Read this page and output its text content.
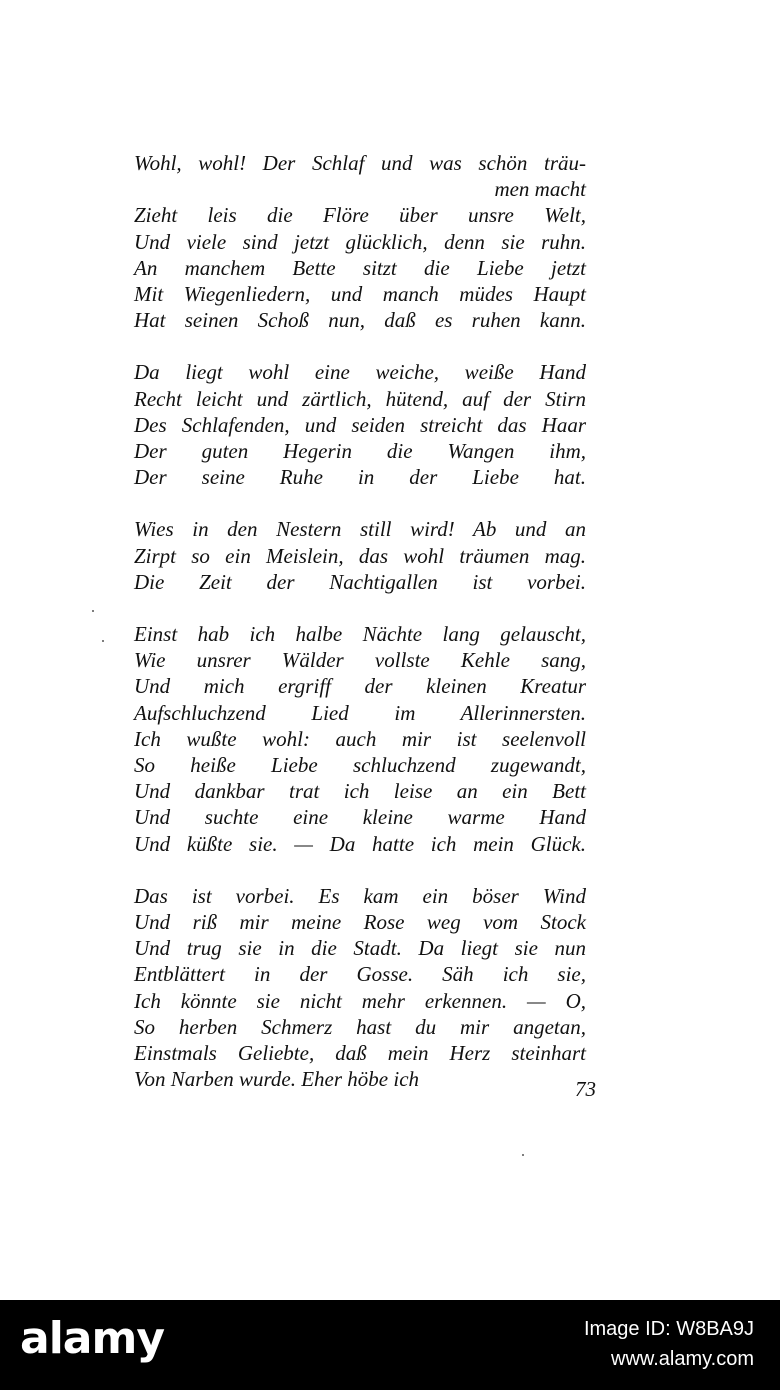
Wohl, wohl! Der Schlaf und was schön träu-
men macht
Zieht leis die Flöre über unsre Welt,
Und viele sind jetzt glücklich, denn sie ruhn.
An manchem Bette sitzt die Liebe jetzt
Mit Wiegenliedern, und manch müdes Haupt
Hat seinen Schoß nun, daß es ruhen kann.
Da liegt wohl eine weiche, weiße Hand
Recht leicht und zärtlich, hütend, auf der Stirn
Des Schlafenden, und seiden streicht das Haar
Der guten Hegerin die Wangen ihm,
Der seine Ruhe in der Liebe hat.
Wies in den Nestern still wird! Ab und an
Zirpt so ein Meislein, das wohl träumen mag.
Die Zeit der Nachtigallen ist vorbei.
Einst hab ich halbe Nächte lang gelauscht,
Wie unsrer Wälder vollste Kehle sang,
Und mich ergriff der kleinen Kreatur
Aufschluchzend Lied im Allerinnersten.
Ich wußte wohl: auch mir ist seelenvoll
So heiße Liebe schluchzend zugewandt,
Und dankbar trat ich leise an ein Bett
Und suchte eine kleine warme Hand
Und küßte sie. — Da hatte ich mein Glück.
Das ist vorbei. Es kam ein böser Wind
Und riß mir meine Rose weg vom Stock
Und trug sie in die Stadt. Da liegt sie nun
Entblättert in der Gosse. Säh ich sie,
Ich könnte sie nicht mehr erkennen. — O,
So herben Schmerz hast du mir angetan,
Einstmals Geliebte, daß mein Herz steinhart
Von Narben wurde. Eher höbe ich	73
alamy	Image ID: W8BA9J
www.alamy.com
